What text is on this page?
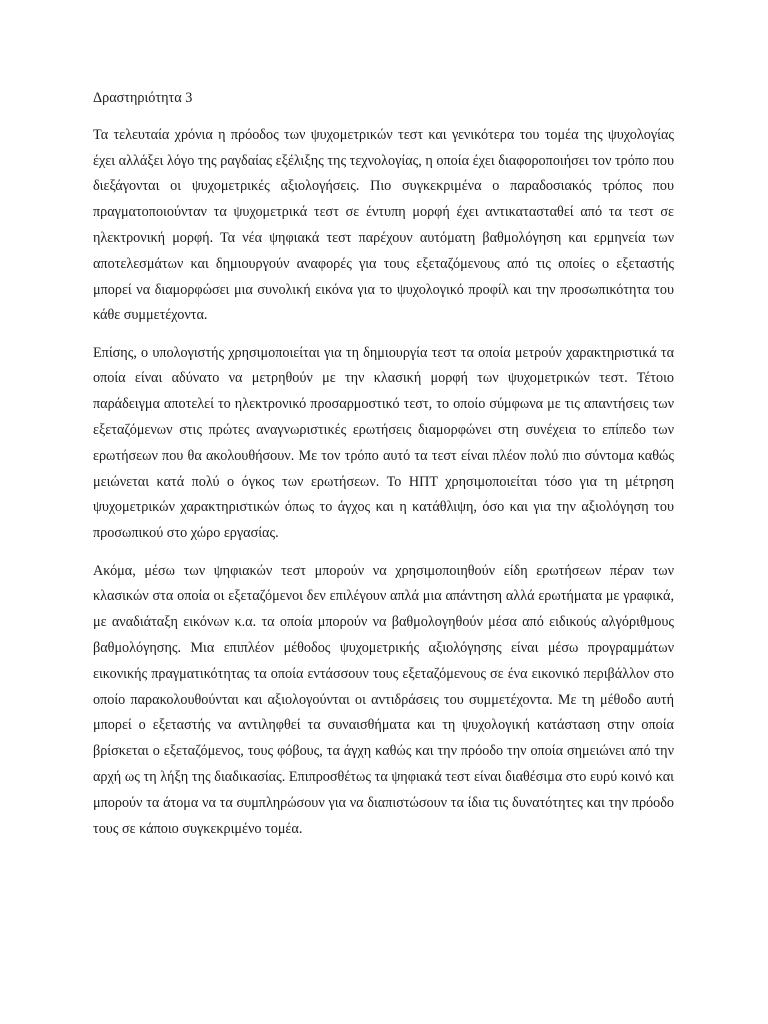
Δραστηριότητα 3

Τα τελευταία χρόνια η πρόοδος των ψυχομετρικών τεστ και γενικότερα του τομέα της ψυχολογίας έχει αλλάξει λόγο της ραγδαίας εξέλιξης της τεχνολογίας, η οποία έχει διαφοροποιήσει τον τρόπο που διεξάγονται οι ψυχομετρικές αξιολογήσεις. Πιο συγκεκριμένα ο παραδοσιακός τρόπος που πραγματοποιούνταν τα ψυχομετρικά τεστ σε έντυπη μορφή έχει αντικατασταθεί από τα τεστ σε ηλεκτρονική μορφή. Τα νέα ψηφιακά τεστ παρέχουν αυτόματη βαθμολόγηση και ερμηνεία των αποτελεσμάτων και δημιουργούν αναφορές για τους εξεταζόμενους από τις οποίες ο εξεταστής μπορεί να διαμορφώσει μια συνολική εικόνα για το ψυχολογικό προφίλ και την προσωπικότητα του κάθε συμμετέχοντα.

Επίσης, ο υπολογιστής χρησιμοποιείται για τη δημιουργία τεστ τα οποία μετρούν χαρακτηριστικά τα οποία είναι αδύνατο να μετρηθούν με την κλασική μορφή των ψυχομετρικών τεστ. Τέτοιο παράδειγμα αποτελεί το ηλεκτρονικό προσαρμοστικό τεστ, το οποίο σύμφωνα με τις απαντήσεις των εξεταζόμενων στις πρώτες αναγνωριστικές ερωτήσεις διαμορφώνει στη συνέχεια το επίπεδο των ερωτήσεων που θα ακολουθήσουν. Με τον τρόπο αυτό τα τεστ είναι πλέον πολύ πιο σύντομα καθώς μειώνεται κατά πολύ ο όγκος των ερωτήσεων. Το ΗΠΤ χρησιμοποιείται τόσο για τη μέτρηση ψυχομετρικών χαρακτηριστικών όπως το άγχος και η κατάθλιψη, όσο και για την αξιολόγηση του προσωπικού στο χώρο εργασίας.

Ακόμα, μέσω των ψηφιακών τεστ μπορούν να χρησιμοποιηθούν είδη ερωτήσεων πέραν των κλασικών στα οποία οι εξεταζόμενοι δεν επιλέγουν απλά μια απάντηση αλλά ερωτήματα με γραφικά, με αναδιάταξη εικόνων κ.α. τα οποία μπορούν να βαθμολογηθούν μέσα από ειδικούς αλγόριθμους βαθμολόγησης. Μια επιπλέον μέθοδος ψυχομετρικής αξιολόγησης είναι μέσω προγραμμάτων εικονικής πραγματικότητας τα οποία εντάσσουν τους εξεταζόμενους σε ένα εικονικό περιβάλλον στο οποίο παρακολουθούνται και αξιολογούνται οι αντιδράσεις του συμμετέχοντα. Με τη μέθοδο αυτή μπορεί ο εξεταστής να αντιληφθεί τα συναισθήματα και τη ψυχολογική κατάσταση στην οποία βρίσκεται ο εξεταζόμενος, τους φόβους, τα άγχη καθώς και την πρόοδο την οποία σημειώνει από την αρχή ως τη λήξη της διαδικασίας. Επιπροσθέτως τα ψηφιακά τεστ είναι διαθέσιμα στο ευρύ κοινό και μπορούν τα άτομα να τα συμπληρώσουν για να διαπιστώσουν τα ίδια τις δυνατότητες και την πρόοδο τους σε κάποιο συγκεκριμένο τομέα.
